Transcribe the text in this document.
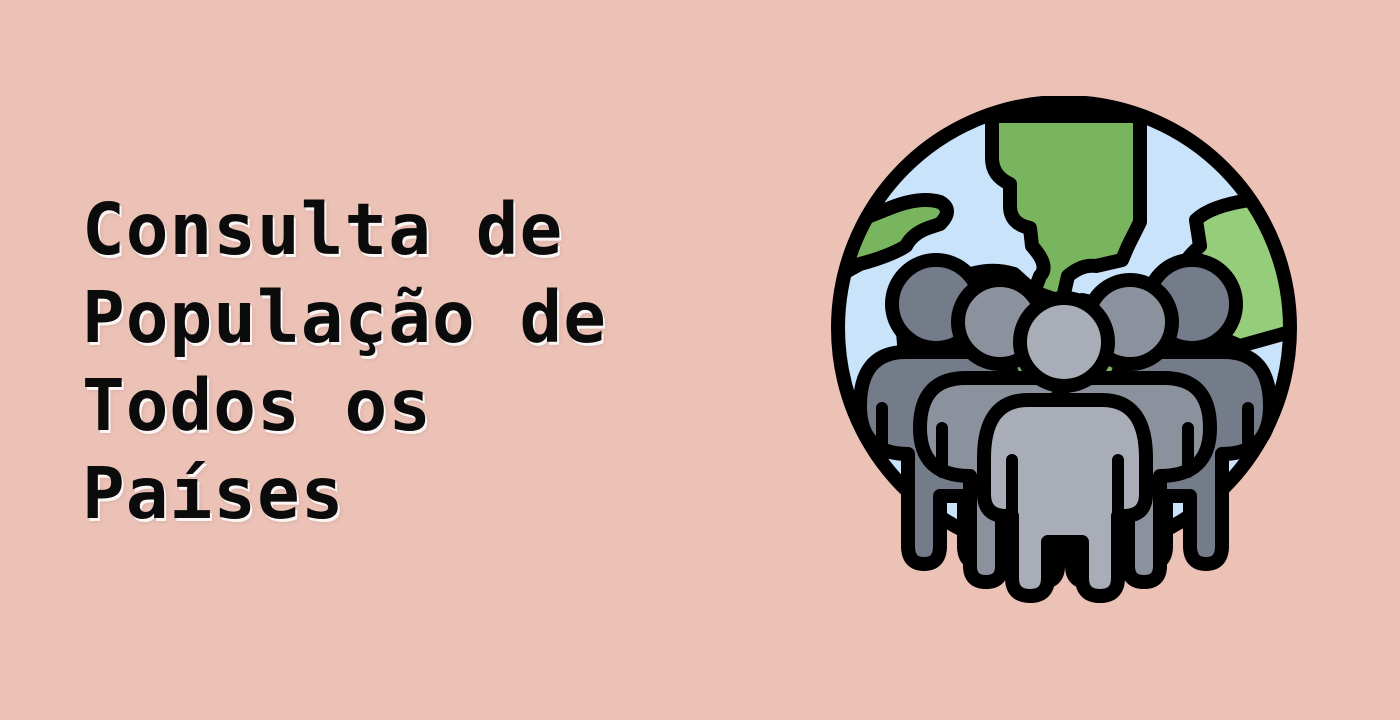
Consulta de
População de
Todos os
Países
